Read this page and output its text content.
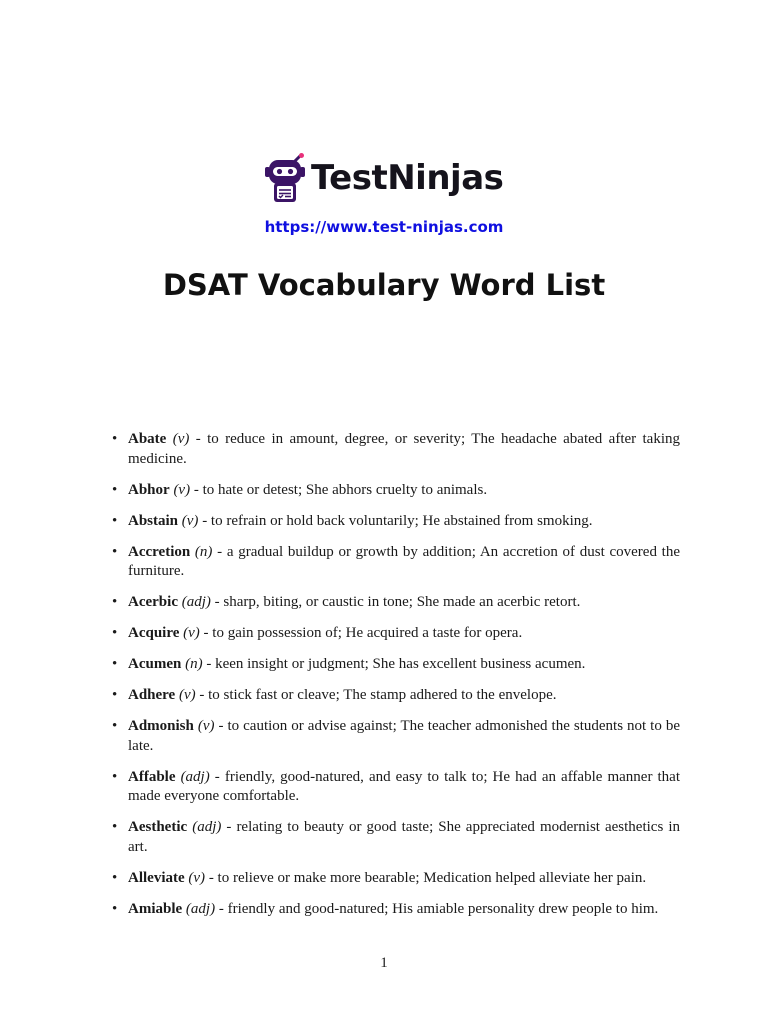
TestNinjas
https://www.test-ninjas.com
DSAT Vocabulary Word List
• Abate (v) - to reduce in amount, degree, or severity; The headache abated after taking medicine.
• Abhor (v) - to hate or detest; She abhors cruelty to animals.
• Abstain (v) - to refrain or hold back voluntarily; He abstained from smoking.
• Accretion (n) - a gradual buildup or growth by addition; An accretion of dust covered the furniture.
• Acerbic (adj) - sharp, biting, or caustic in tone; She made an acerbic retort.
• Acquire (v) - to gain possession of; He acquired a taste for opera.
• Acumen (n) - keen insight or judgment; She has excellent business acumen.
• Adhere (v) - to stick fast or cleave; The stamp adhered to the envelope.
• Admonish (v) - to caution or advise against; The teacher admonished the students not to be late.
• Affable (adj) - friendly, good-natured, and easy to talk to; He had an affable manner that made everyone comfortable.
• Aesthetic (adj) - relating to beauty or good taste; She appreciated modernist aesthetics in art.
• Alleviate (v) - to relieve or make more bearable; Medication helped alleviate her pain.
• Amiable (adj) - friendly and good-natured; His amiable personality drew people to him.
1
